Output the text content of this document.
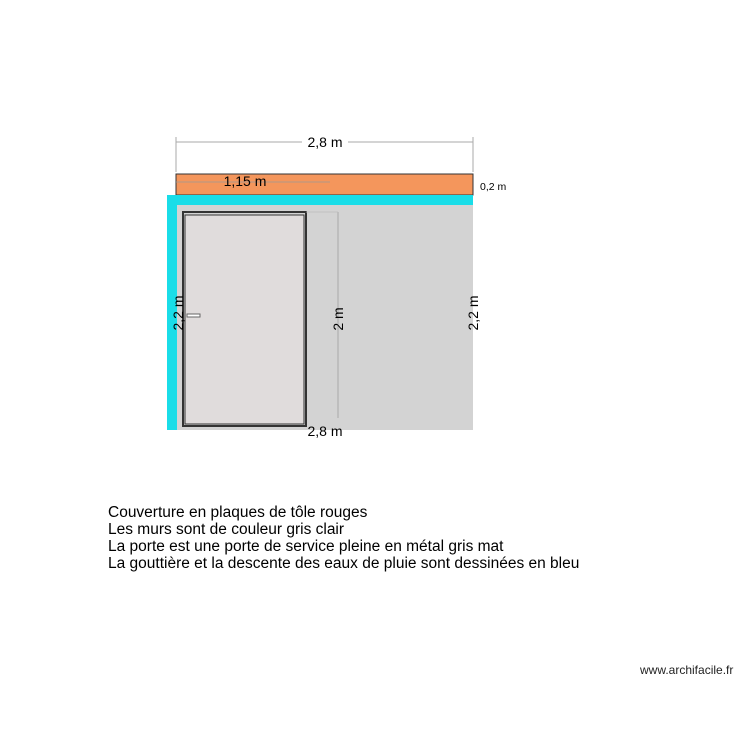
2,8 m
1,15 m	0,2 m
2 m
2,2 m	2,2 m
2,8 m
Couverture en plaques de tôle rouges
Les murs sont de couleur gris clair
La porte est une porte de service pleine en métal gris mat
La gouttière et la descente des eaux de pluie sont dessinées en bleu
www.archifacile.fr
